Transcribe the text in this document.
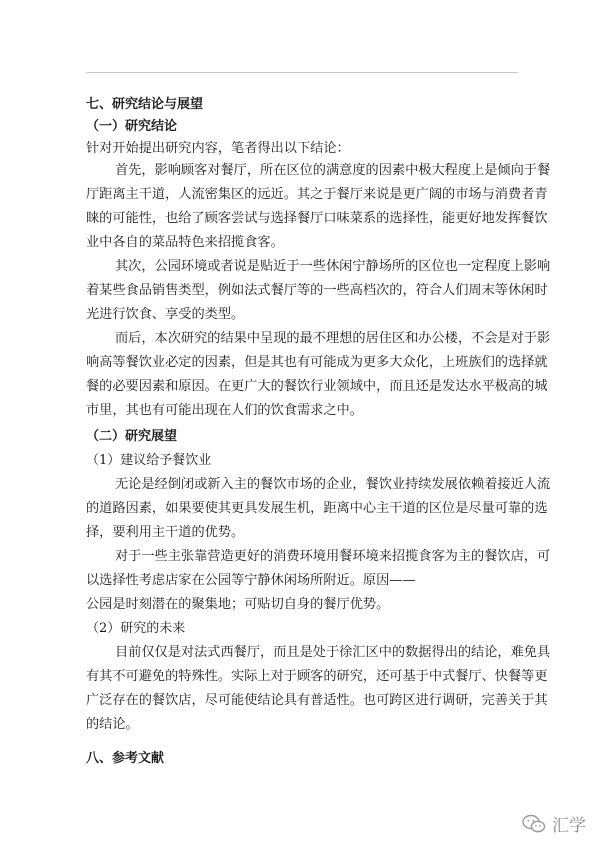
七、研究结论与展望
（一）研究结论
针对开始提出研究内容，笔者得出以下结论：
首先，影响顾客对餐厅，所在区位的满意度的因素中极大程度上是倾向于餐
厅距离主干道，人流密集区的远近。其之于餐厅来说是更广阔的市场与消费者青
睐的可能性，也给了顾客尝试与选择餐厅口味菜系的选择性，能更好地发挥餐饮
业中各自的菜品特色来招揽食客。
其次，公园环境或者说是贴近于一些休闲宁静场所的区位也一定程度上影响
着某些食品销售类型，例如法式餐厅等的一些高档次的，符合人们周末等休闲时
光进行饮食、享受的类型。
而后，本次研究的结果中呈现的最不理想的居住区和办公楼，不会是对于影
响高等餐饮业必定的因素，但是其也有可能成为更多大众化，上班族们的选择就
餐的必要因素和原因。在更广大的餐饮行业领域中，而且还是发达水平极高的城
市里，其也有可能出现在人们的饮食需求之中。
（二）研究展望
（1）建议给予餐饮业
无论是经倒闭或新入主的餐饮市场的企业，餐饮业持续发展依赖着接近人流
的道路因素，如果要使其更具发展生机，距离中心主干道的区位是尽量可靠的选
择，要利用主干道的优势。
对于一些主张靠营造更好的消费环境用餐环境来招揽食客为主的餐饮店，可
以选择性考虑店家在公园等宁静休闲场所附近。原因——
公园是时刻潜在的聚集地；可贴切自身的餐厅优势。
（2）研究的未来
目前仅仅是对法式西餐厅，而且是处于徐汇区中的数据得出的结论，难免具
有其不可避免的特殊性。实际上对于顾客的研究，还可基于中式餐厅、快餐等更
广泛存在的餐饮店，尽可能使结论具有普适性。也可跨区进行调研，完善关于其
的结论。
八、参考文献
汇学
